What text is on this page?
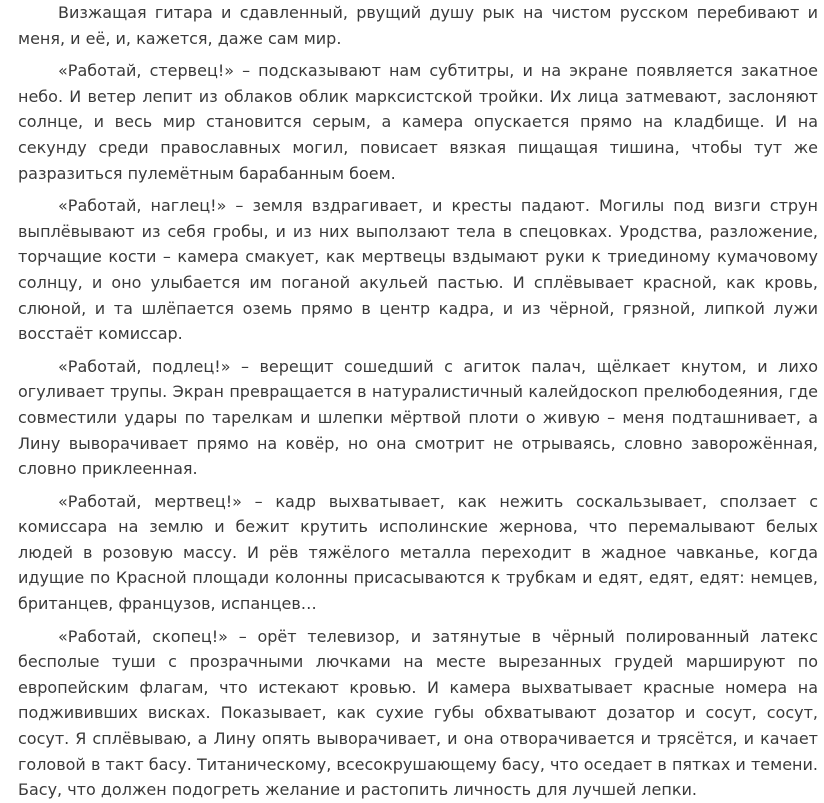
Визжащая гитара и сдавленный, рвущий душу рык на чистом русском перебивают и меня, и её, и, кажется, даже сам мир.

«Работай, стервец!» – подсказывают нам субтитры, и на экране появляется закатное небо. И ветер лепит из облаков облик марксистской тройки. Их лица затмевают, заслоняют солнце, и весь мир становится серым, а камера опускается прямо на кладбище. И на секунду среди православных могил, повисает вязкая пищащая тишина, чтобы тут же разразиться пулемётным барабанным боем.

«Работай, наглец!» – земля вздрагивает, и кресты падают. Могилы под визги струн выплёвывают из себя гробы, и из них выползают тела в спецовках. Уродства, разложение, торчащие кости – камера смакует, как мертвецы вздымают руки к триединому кумачовому солнцу, и оно улыбается им поганой акульей пастью. И сплёвывает красной, как кровь, слюной, и та шлёпается оземь прямо в центр кадра, и из чёрной, грязной, липкой лужи восстаёт комиссар.

«Работай, подлец!» – верещит сошедший с агиток палач, щёлкает кнутом, и лихо огуливает трупы. Экран превращается в натуралистичный калейдоскоп прелюбодеяния, где совместили удары по тарелкам и шлепки мёртвой плоти о живую – меня подташнивает, а Лину выворачивает прямо на ковёр, но она смотрит не отрываясь, словно заворожённая, словно приклеенная.

«Работай, мертвец!» – кадр выхватывает, как нежить соскальзывает, сползает с комиссара на землю и бежит крутить исполинские жернова, что перемалывают белых людей в розовую массу. И рёв тяжёлого металла переходит в жадное чавканье, когда идущие по Красной площади колонны присасываются к трубкам и едят, едят, едят: немцев, британцев, французов, испанцев…

«Работай, скопец!» – орёт телевизор, и затянутые в чёрный полированный латекс бесполые туши с прозрачными лючками на месте вырезанных грудей маршируют по европейским флагам, что истекают кровью. И камера выхватывает красные номера на поджививших висках. Показывает, как сухие губы обхватывают дозатор и сосут, сосут, сосут. Я сплёвываю, а Лину опять выворачивает, и она отворачивается и трясётся, и качает головой в такт басу. Титаническому, всесокрушающему басу, что оседает в пятках и темени. Басу, что должен подогреть желание и растопить личность для лучшей лепки.
